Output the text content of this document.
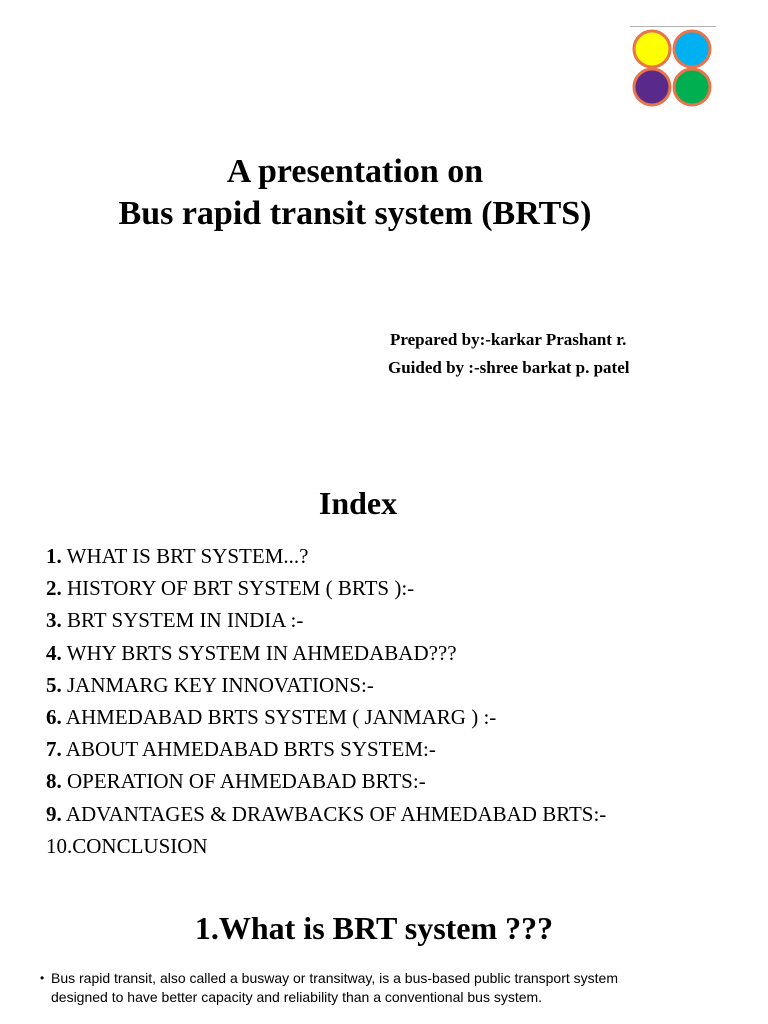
A presentation on
Bus rapid transit system (BRTS)
Prepared by:-karkar Prashant r.
Guided by :-shree barkat p. patel
Index
1. WHAT IS BRT SYSTEM...?
2. HISTORY OF BRT SYSTEM ( BRTS ):-
3. BRT SYSTEM IN INDIA :-
4. WHY BRTS SYSTEM IN AHMEDABAD???
5. JANMARG KEY INNOVATIONS:-
6. AHMEDABAD BRTS SYSTEM ( JANMARG ) :-
7. ABOUT AHMEDABAD BRTS SYSTEM:-
8. OPERATION OF AHMEDABAD BRTS:-
9. ADVANTAGES & DRAWBACKS OF AHMEDABAD BRTS:-
10.CONCLUSION
1.What is BRT system ???
• Bus rapid transit, also called a busway or transitway, is a bus-based public transport system designed to have better capacity and reliability than a conventional bus system.
